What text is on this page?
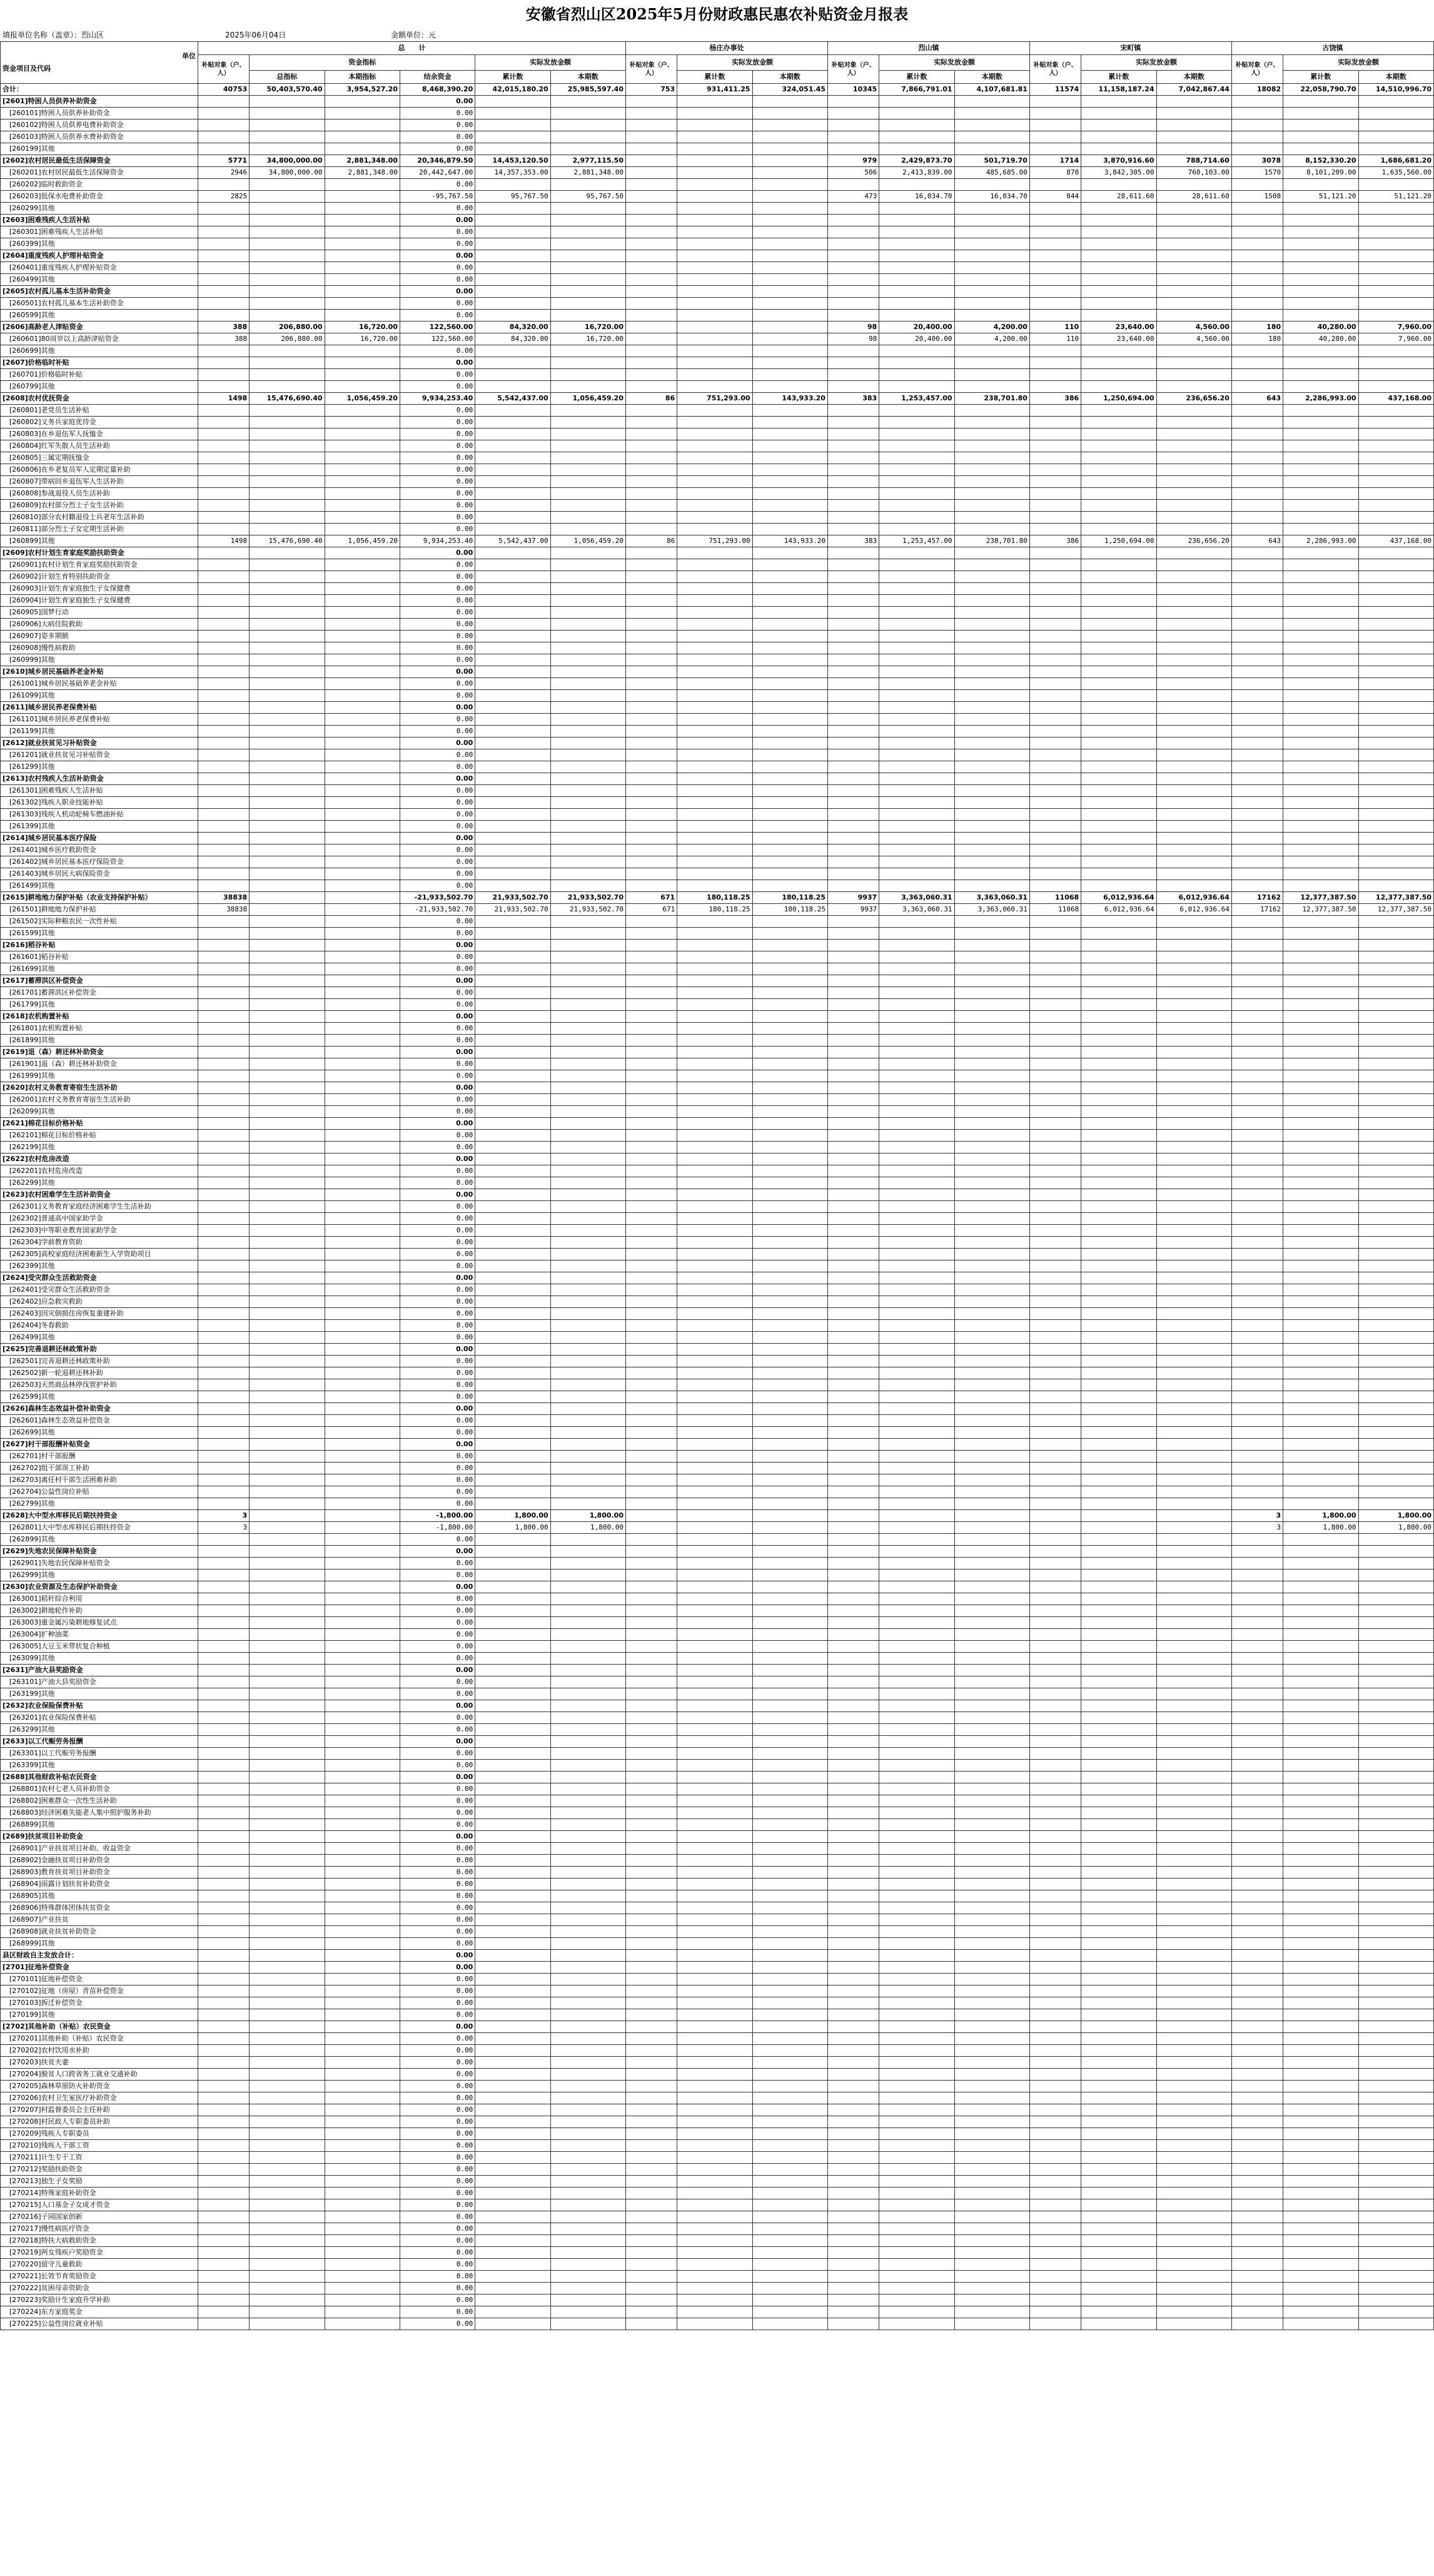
安徽省烈山区2025年5月份财政惠民惠农补贴资金月报表
填报单位名称（盖章）：烈山区	2025年06月04日	金额单位：元
单位
资金项目及代码	总　　计						杨庄办事处			烈山镇			宋町镇			古饶镇		
	补贴对象（户、人）	资金指标			实际发放金额		补贴对象（户、人）	实际发放金额		补贴对象（户、人）	实际发放金额		补贴对象（户、人）	实际发放金额		补贴对象（户、人）	实际发放金额	
		总指标	本期指标	结余资金	累计数	本期数		累计数	本期数		累计数	本期数		累计数	本期数		累计数	本期数
合计：	40753	50,403,570.40	3,954,527.20	8,468,390.20	42,015,180.20	25,985,597.40	753	931,411.25	324,051.45	10345	7,866,791.01	4,107,681.81	11574	11,158,187.24	7,042,867.44	18082	22,058,790.70	14,510,996.70
[2601]特困人员供养补助资金				0.00														
　[260101]特困人员供养补助资金				0.00														
　[260102]特困人员供养电费补助资金				0.00														
　[260103]特困人员供养水费补助资金				0.00														
　[260199]其他				0.00														
[2602]农村居民最低生活保障资金	5771	34,800,000.00	2,881,348.00	20,346,879.50	14,453,120.50	2,977,115.50				979	2,429,873.70	501,719.70	1714	3,870,916.60	788,714.60	3078	8,152,330.20	1,686,681.20
　[260201]农村居民最低生活保障资金	2946	34,800,000.00	2,881,348.00	20,442,647.00	14,357,353.00	2,881,348.00				506	2,413,839.00	485,685.00	870	3,842,305.00	760,103.00	1570	8,101,209.00	1,635,560.00
　[260202]临时救助资金				0.00														
　[260203]低保水电费补助资金	2825			-95,767.50	95,767.50	95,767.50				473	16,034.70	16,034.70	844	28,611.60	28,611.60	1508	51,121.20	51,121.20
　[260299]其他				0.00														
[2603]困难残疾人生活补贴				0.00														
　[260301]困难残疾人生活补贴				0.00														
　[260399]其他				0.00														
[2604]重度残疾人护理补贴资金				0.00														
　[260401]重度残疾人护理补贴资金				0.00														
　[260499]其他				0.00														
[2605]农村孤儿基本生活补助资金				0.00														
　[260501]农村孤儿基本生活补助资金				0.00														
　[260599]其他				0.00														
[2606]高龄老人津贴资金	388	206,880.00	16,720.00	122,560.00	84,320.00	16,720.00				98	20,400.00	4,200.00	110	23,640.00	4,560.00	180	40,280.00	7,960.00
　[260601]80周岁以上高龄津贴资金	388	206,880.00	16,720.00	122,560.00	84,320.00	16,720.00				98	20,400.00	4,200.00	110	23,640.00	4,560.00	180	40,280.00	7,960.00
　[260699]其他				0.00														
[2607]价格临时补贴				0.00														
　[260701]价格临时补贴				0.00														
　[260799]其他				0.00														
[2608]农村优抚资金	1498	15,476,690.40	1,056,459.20	9,934,253.40	5,542,437.00	1,056,459.20	86	751,293.00	143,933.20	383	1,253,457.00	238,701.80	386	1,250,694.00	236,656.20	643	2,286,993.00	437,168.00
　[260801]老党员生活补贴				0.00														
　[260802]义务兵家庭优待金				0.00														
　[260803]在乡退伍军人抚恤金				0.00														
　[260804]红军失散人员生活补助				0.00														
　[260805]三属定期抚恤金				0.00														
　[260806]在乡老复员军人定期定量补助				0.00														
　[260807]带病回乡退伍军人生活补助				0.00														
　[260808]参战退役人员生活补助				0.00														
　[260809]农村部分烈士子女生活补助				0.00														
　[260810]部分农村籍退役士兵老年生活补助				0.00														
　[260811]部分烈士子女定期生活补助				0.00														
　[260899]其他	1498	15,476,690.40	1,056,459.20	9,934,253.40	5,542,437.00	1,056,459.20	86	751,293.00	143,933.20	383	1,253,457.00	238,701.80	386	1,250,694.00	236,656.20	643	2,286,993.00	437,168.00
[2609]农村计划生育家庭奖励扶助资金				0.00														
　[260901]农村计划生育家庭奖励扶助资金				0.00														
　[260902]计划生育特别扶助资金				0.00														
　[260903]计划生育家庭独生子女保健费				0.00														
　[260904]计划生育家庭独生子女保健费				0.00														
　[260905]国梦行动				0.00														
　[260906]大病住院救助				0.00														
　[260907]姿多期额				0.00														
　[260908]慢性病救助				0.00														
　[260999]其他				0.00														
[2610]城乡居民基础养老金补贴				0.00														
　[261001]城乡居民基础养老金补贴				0.00														
　[261099]其他				0.00														
[2611]城乡居民养老保费补贴				0.00														
　[261101]城乡居民养老保费补贴				0.00														
　[261199]其他				0.00														
[2612]就业扶贫见习补贴资金				0.00														
　[261201]就业扶贫见习补贴资金				0.00														
　[261299]其他				0.00														
[2613]农村残疾人生活补助资金				0.00														
　[261301]困难残疾人生活补贴				0.00														
　[261302]残疾人职业技能补贴				0.00														
　[261303]残疾人机动轮椅车燃油补贴				0.00														
　[261399]其他				0.00														
[2614]城乡居民基本医疗保险				0.00														
　[261401]城乡医疗救助资金				0.00														
　[261402]城乡居民基本医疗保险资金				0.00														
　[261403]城乡居民大病保险资金				0.00														
　[261499]其他				0.00														
[2615]耕地地力保护补贴（农业支持保护补贴）	38838			-21,933,502.70	21,933,502.70	21,933,502.70	671	180,118.25	180,118.25	9937	3,363,060.31	3,363,060.31	11068	6,012,936.64	6,012,936.64	17162	12,377,387.50	12,377,387.50
　[261501]耕地地力保护补贴	38838			-21,933,502.70	21,933,502.70	21,933,502.70	671	180,118.25	180,118.25	9937	3,363,060.31	3,363,060.31	11068	6,012,936.64	6,012,936.64	17162	12,377,387.50	12,377,387.50
　[261502]实际种粮农民一次性补贴				0.00														
　[261599]其他				0.00														
[2616]稻谷补贴				0.00														
　[261601]稻谷补贴				0.00														
　[261699]其他				0.00														
[2617]蓄滞洪区补偿资金				0.00														
　[261701]蓄滞洪区补偿资金				0.00														
　[261799]其他				0.00														
[2618]农机购置补贴				0.00														
　[261801]农机购置补贴				0.00														
　[261899]其他				0.00														
[2619]退（森）耕还林补助资金				0.00														
　[261901]退（森）耕还林补助资金				0.00														
　[261999]其他				0.00														
[2620]农村义务教育寄宿生生活补助				0.00														
　[262001]农村义务教育寄宿生生活补助				0.00														
　[262099]其他				0.00														
[2621]棉花目标价格补贴				0.00														
　[262101]棉花目标价格补贴				0.00														
　[262199]其他				0.00														
[2622]农村危房改造				0.00														
　[262201]农村危房改造				0.00														
　[262299]其他				0.00														
[2623]农村困难学生生活补助资金				0.00														
　[262301]义务教育家庭经济困难学生生活补助				0.00														
　[262302]普通高中国家助学金				0.00														
　[262303]中等职业教育国家助学金				0.00														
　[262304]学前教育资助				0.00														
　[262305]高校家庭经济困难新生入学资助项目				0.00														
　[262399]其他				0.00														
[2624]受灾群众生活救助资金				0.00														
　[262401]受灾群众生活救助资金				0.00														
　[262402]应急救灾救助				0.00														
　[262403]因灾倒损住房恢复重建补助				0.00														
　[262404]冬春救助				0.00														
　[262499]其他				0.00														
[2625]完善退耕还林政策补助				0.00														
　[262501]完善退耕还林政策补助				0.00														
　[262502]新一轮退耕还林补助				0.00														
　[262503]天然商品林停伐管护补助				0.00														
　[262599]其他				0.00														
[2626]森林生态效益补偿补助资金				0.00														
　[262601]森林生态效益补偿资金				0.00														
　[262699]其他				0.00														
[2627]村干部报酬补贴资金				0.00														
　[262701]村干部报酬				0.00														
　[262702]组干部误工补助				0.00														
　[262703]离任村干部生活困难补助				0.00														
　[262704]公益性岗位补贴				0.00														
　[262799]其他				0.00														
[2628]大中型水库移民后期扶持资金	3			-1,800.00	1,800.00	1,800.00										3	1,800.00	1,800.00
　[262801]大中型水库移民后期扶持资金	3			-1,800.00	1,800.00	1,800.00										3	1,800.00	1,800.00
　[262899]其他				0.00														
[2629]失地农民保障补贴资金				0.00														
　[262901]失地农民保障补贴资金				0.00														
　[262999]其他				0.00														
[2630]农业资源及生态保护补助资金				0.00														
　[263001]秸秆综合利用				0.00														
　[263002]耕地轮作补助				0.00														
　[263003]重金属污染耕地修复试点				0.00														
　[263004]扩种油菜				0.00														
　[263005]大豆玉米带状复合种植				0.00														
　[263099]其他				0.00														
[2631]产油大县奖励资金				0.00														
　[263101]产油大县奖励资金				0.00														
　[263199]其他				0.00														
[2632]农业保险保费补贴				0.00														
　[263201]农业保险保费补贴				0.00														
　[263299]其他				0.00														
[2633]以工代赈劳务报酬				0.00														
　[263301]以工代赈劳务报酬				0.00														
　[263399]其他				0.00														
[2688]其他财政补贴农民资金				0.00														
　[268801]农村七老人员补助资金				0.00														
　[268802]困难群众一次性生活补助				0.00														
　[268803]经济困难失能老人集中照护服务补助				0.00														
　[268899]其他				0.00														
[2689]扶贫项目补助资金				0.00														
　[268901]产业扶贫项目补助、收益资金				0.00														
　[268902]金融扶贫项目补助资金				0.00														
　[268903]教育扶贫项目补助资金				0.00														
　[268904]雨露计划扶贫补助资金				0.00														
　[268905]其他				0.00														
　[268906]特殊群体团体扶贫资金				0.00														
　[268907]产业扶贫				0.00														
　[268908]就业扶贫补助资金				0.00														
　[268999]其他				0.00														
县区财政自主发放合计：				0.00														
[2701]征地补偿资金				0.00														
　[270101]征地补偿资金				0.00														
　[270102]征地（房屋）青苗补偿资金				0.00														
　[270103]拆迁补偿资金				0.00														
　[270199]其他				0.00														
[2702]其他补助（补贴）农民资金				0.00														
　[270201]其他补助（补贴）农民资金				0.00														
　[270202]农村饮用水补助				0.00														
　[270203]扶贫夫妻				0.00														
　[270204]脱贫人口跨省务工就业交通补助				0.00														
　[270205]森林草原防火补助资金				0.00														
　[270206]农村卫生室医疗补助资金				0.00														
　[270207]村监督委员会主任补助				0.00														
　[270208]村民政人专职委员补助				0.00														
　[270209]残疾人专职委员				0.00														
　[270210]残疾人干部工资				0.00														
　[270211]计生专干工资				0.00														
　[270212]奖励扶助资金				0.00														
　[270213]独生子女奖励				0.00														
　[270214]特殊家庭补助资金				0.00														
　[270215]人口基金子女成才资金				0.00														
　[270216]子园国家创新				0.00														
　[270217]慢性病医疗资金				0.00														
　[270218]特扶大病救助资金				0.00														
　[270219]两女残疾户奖励资金				0.00														
　[270220]留守儿童救助				0.00														
　[270221]长效节育奖励资金				0.00														
　[270222]贫困母亲资助金				0.00														
　[270223]奖励计生家庭升学补助				0.00														
　[270224]东方家庭奖金				0.00														
　[270225]公益性岗位就业补贴				0.00														
